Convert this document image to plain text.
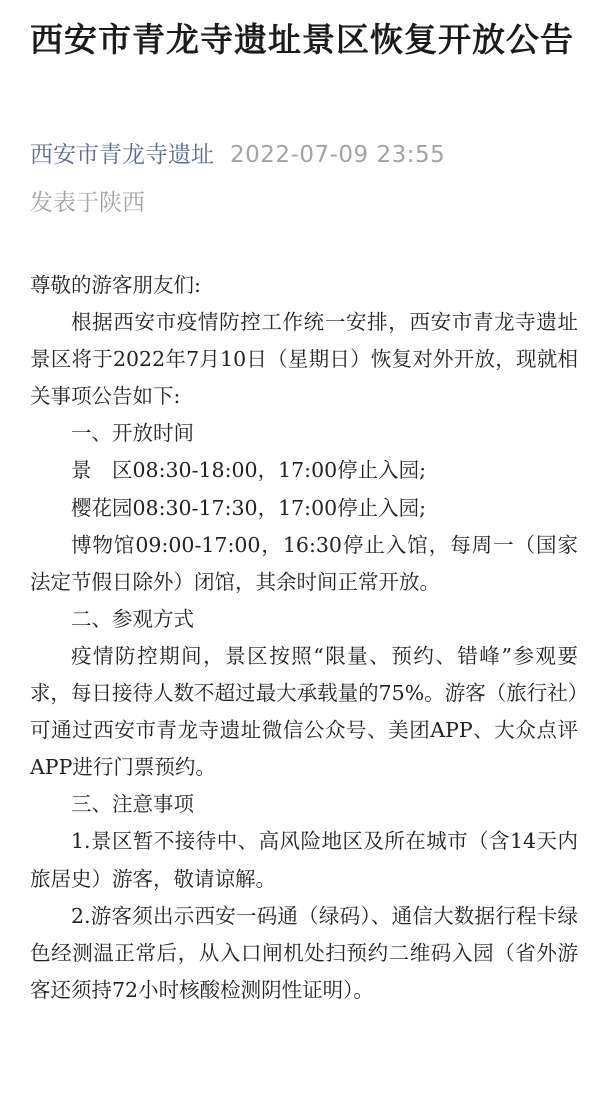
西安市青龙寺遗址景区恢复开放公告
西安市青龙寺遗址 2022-07-09 23:55
发表于陕西

尊敬的游客朋友们:

根据西安市疫情防控工作统一安排，西安市青龙寺遗址景区将于2022年7月10日（星期日）恢复对外开放，现就相关事项公告如下:

一、开放时间

景　区08:30-18:00，17:00停止入园;

樱花园08:30-17:30，17:00停止入园;

博物馆09:00-17:00，16:30停止入馆，每周一（国家法定节假日除外）闭馆，其余时间正常开放。

二、参观方式

疫情防控期间，景区按照“限量、预约、错峰”参观要求，每日接待人数不超过最大承载量的75%。游客（旅行社）可通过西安市青龙寺遗址微信公众号、美团APP、大众点评APP进行门票预约。

三、注意事项

1.景区暂不接待中、高风险地区及所在城市（含14天内旅居史）游客，敬请谅解。

2.游客须出示西安一码通（绿码）、通信大数据行程卡绿色经测温正常后，从入口闸机处扫预约二维码入园（省外游客还须持72小时核酸检测阴性证明）。
